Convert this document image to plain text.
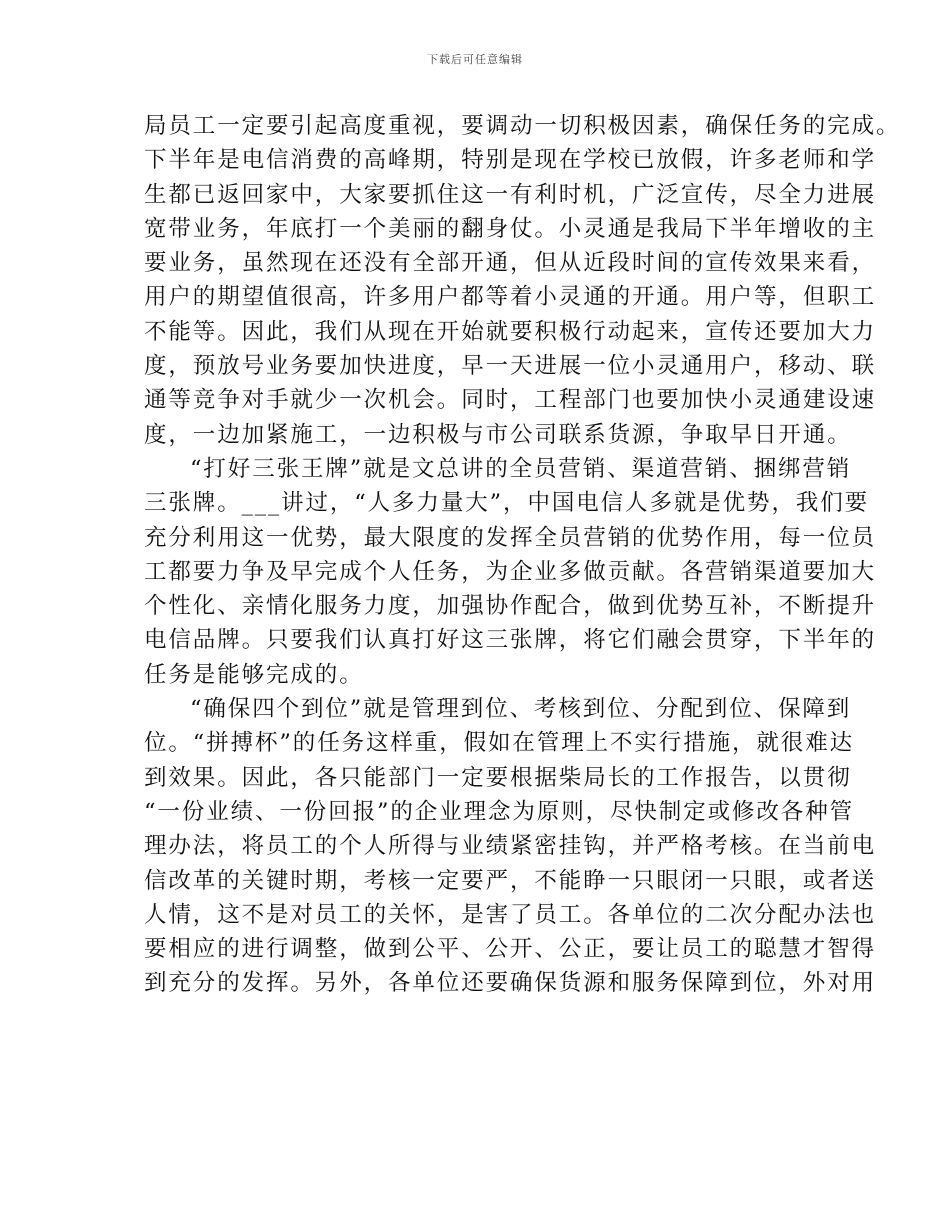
下载后可任意编辑
局员工一定要引起高度重视，要调动一切积极因素，确保任务的完成。
下半年是电信消费的高峰期，特别是现在学校已放假，许多老师和学
生都已返回家中，大家要抓住这一有利时机，广泛宣传，尽全力进展
宽带业务，年底打一个美丽的翻身仗。小灵通是我局下半年增收的主
要业务，虽然现在还没有全部开通，但从近段时间的宣传效果来看，
用户的期望值很高，许多用户都等着小灵通的开通。用户等，但职工
不能等。因此，我们从现在开始就要积极行动起来，宣传还要加大力
度，预放号业务要加快进度，早一天进展一位小灵通用户，移动、联
通等竞争对手就少一次机会。同时，工程部门也要加快小灵通建设速
度，一边加紧施工，一边积极与市公司联系货源，争取早日开通。
“打好三张王牌”就是文总讲的全员营销、渠道营销、捆绑营销
三张牌。___讲过，“人多力量大”，中国电信人多就是优势，我们要
充分利用这一优势，最大限度的发挥全员营销的优势作用，每一位员
工都要力争及早完成个人任务，为企业多做贡献。各营销渠道要加大
个性化、亲情化服务力度，加强协作配合，做到优势互补，不断提升
电信品牌。只要我们认真打好这三张牌，将它们融会贯穿，下半年的
任务是能够完成的。
“确保四个到位”就是管理到位、考核到位、分配到位、保障到
位。“拼搏杯”的任务这样重，假如在管理上不实行措施，就很难达
到效果。因此，各只能部门一定要根据柴局长的工作报告，以贯彻
“一份业绩、一份回报”的企业理念为原则，尽快制定或修改各种管
理办法，将员工的个人所得与业绩紧密挂钩，并严格考核。在当前电
信改革的关键时期，考核一定要严，不能睁一只眼闭一只眼，或者送
人情，这不是对员工的关怀，是害了员工。各单位的二次分配办法也
要相应的进行调整，做到公平、公开、公正，要让员工的聪慧才智得
到充分的发挥。另外，各单位还要确保货源和服务保障到位，外对用
